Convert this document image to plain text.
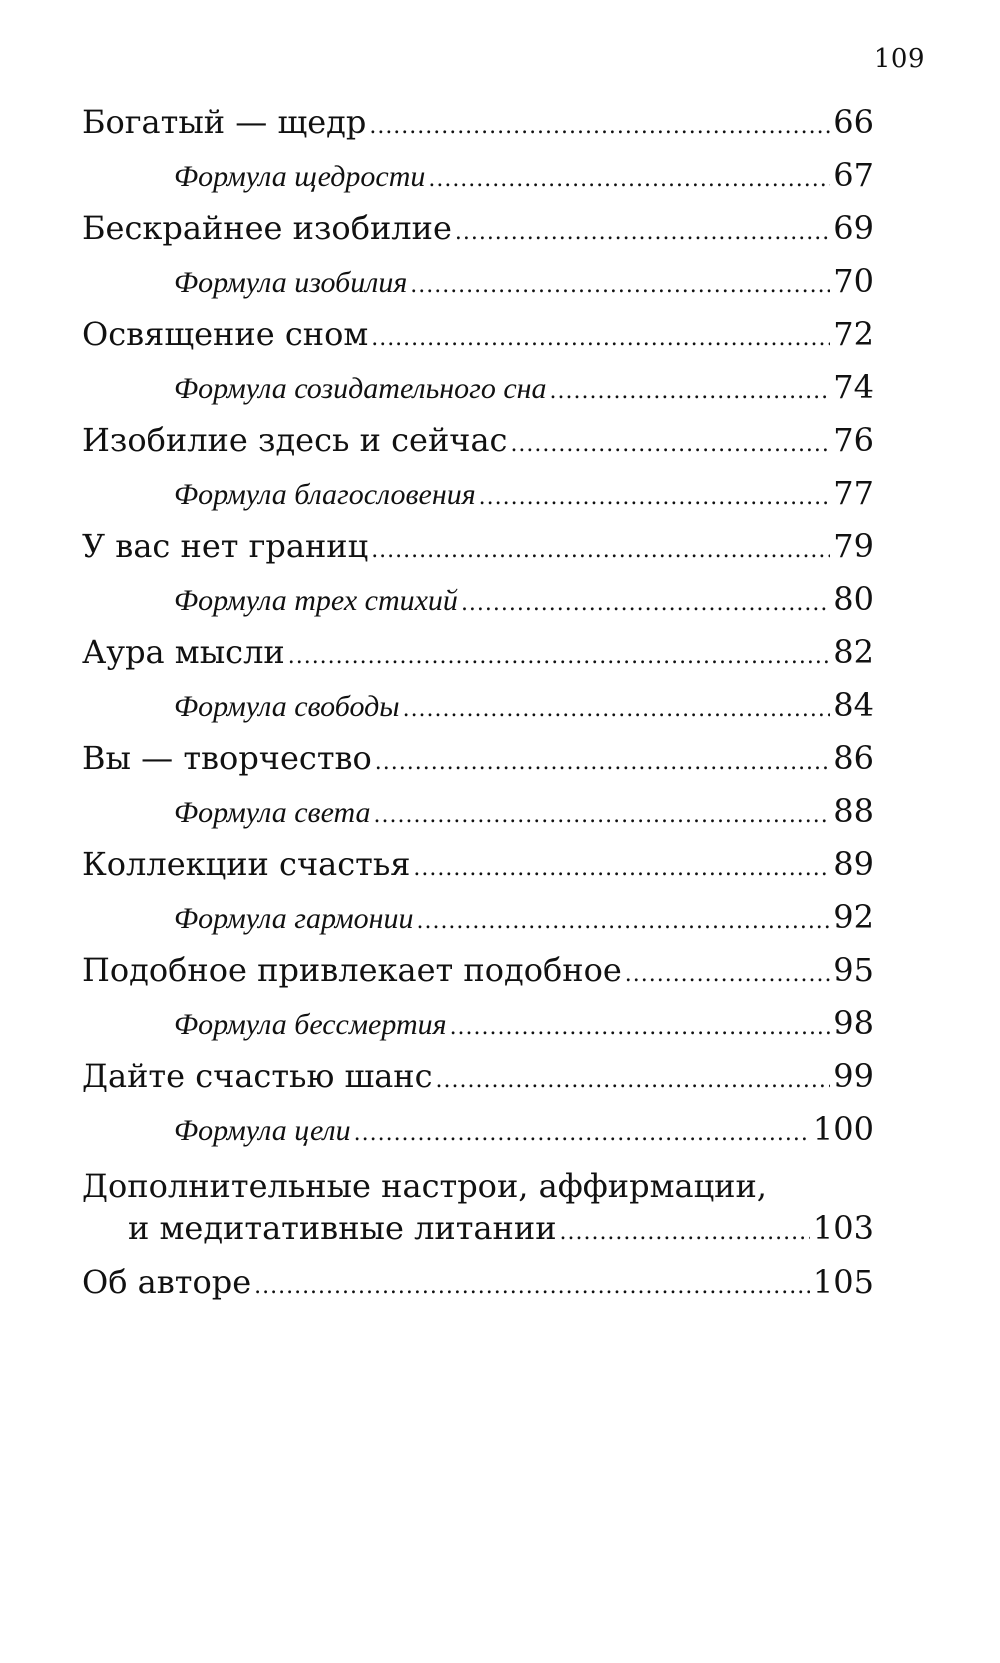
109
Богатый — щедр . . .	66
Формула щедрости . . .	67
Бескрайнее изобилие . . .	69
Формула изобилия . . .	70
Освящение сном . . .	72
Формула созидательного сна . . .	74
Изобилие здесь и сейчас . . .	76
Формула благословения . . .	77
У вас нет границ . . .	79
Формула трех стихий . . .	80
Аура мысли . . .	82
Формула свободы . . .	84
Вы — творчество . . .	86
Формула света . . .	88
Коллекции счастья . . .	89
Формула гармонии . . .	92
Подобное привлекает подобное . . .	95
Формула бессмертия . . .	98
Дайте счастью шанс . . .	99
Формула цели . . .	100
Дополнительные настрои, аффирмации,
и медитативные литании . . .	103
Об авторе . . .	105
